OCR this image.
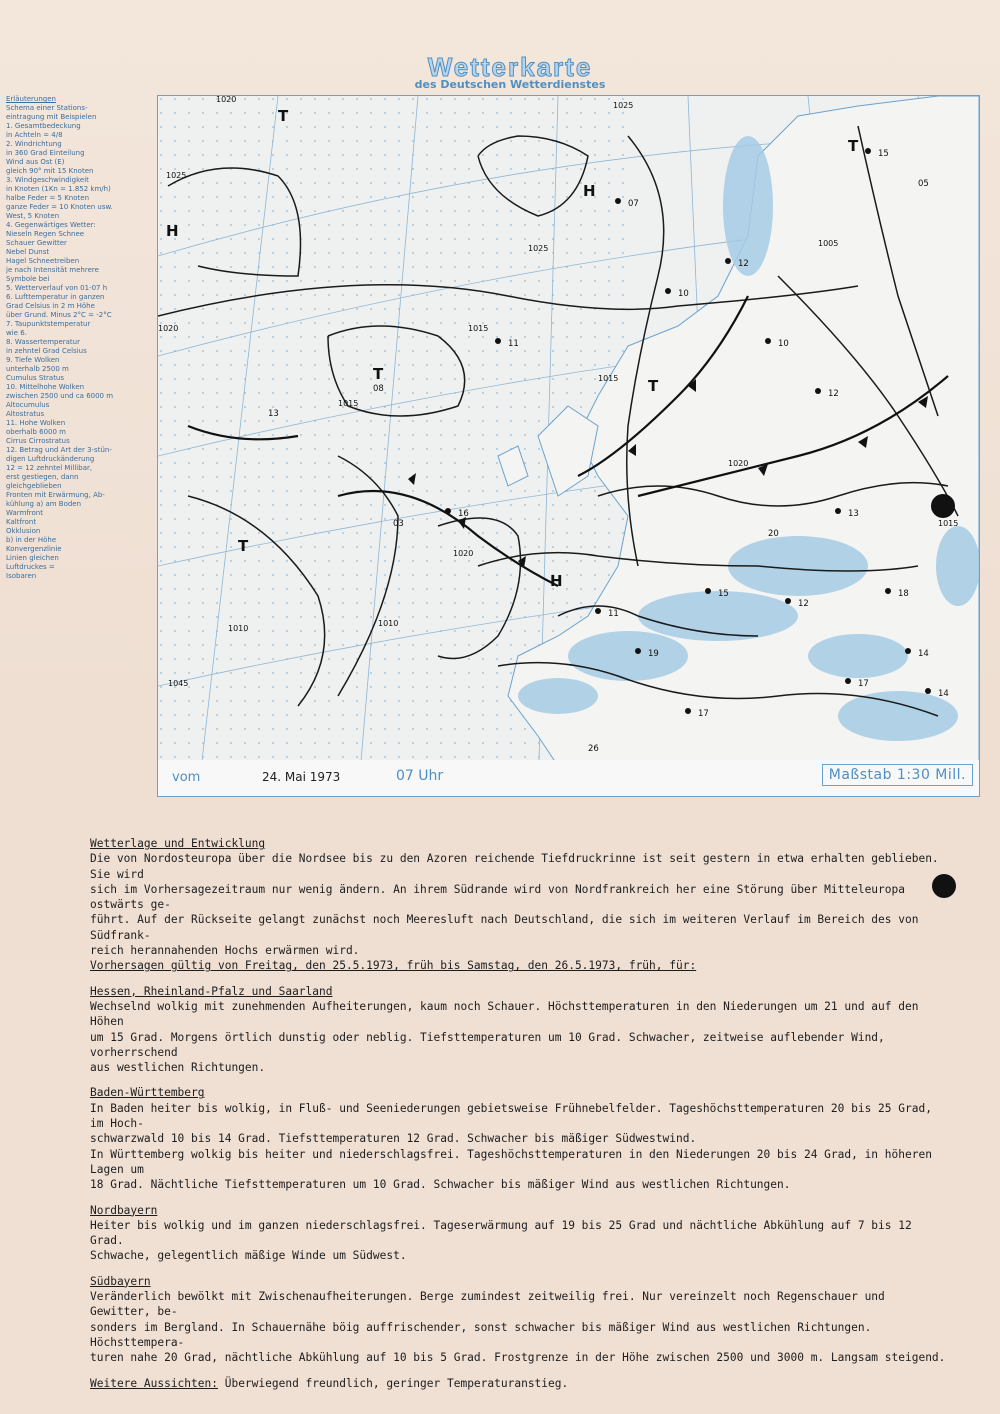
Wetterkarte
des Deutschen Wetterdienstes
Erläuterungen
Schema einer Stations-
eintragung mit Beispielen
1. Gesamtbedeckung
in Achteln = 4/8
2. Windrichtung
in 360 Grad Einteilung
Wind aus Ost (E)
gleich 90° mit 15 Knoten
3. Windgeschwindigkeit
in Knoten (1Kn = 1.852 km/h)
halbe Feder = 5 Knoten
ganze Feder = 10 Knoten usw.
West, 5 Knoten
4. Gegenwärtiges Wetter:
Nieseln Regen Schnee
Schauer Gewitter
Nebel Dunst
Hagel Schneetreiben
je nach Intensität mehrere
Symbole bei
5. Wetterverlauf von 01-07 h
6. Lufttemperatur in ganzen
Grad Celsius in 2 m Höhe
über Grund. Minus 2°C = -2°C
7. Taupunktstemperatur
wie 6.
8. Wassertemperatur
in zehntel Grad Celsius
9. Tiefe Wolken
unterhalb 2500 m
Cumulus Stratus
10. Mittelhohe Wolken
zwischen 2500 und ca 6000 m
Altocumulus
Altostratus
11. Hohe Wolken
oberhalb 6000 m
Cirrus Cirrostratus
12. Betrag und Art der 3-stün-
digen Luftdruckänderung
12 = 12 zehntel Millibar,
erst gestiegen, dann
gleichgeblieben
Fronten mit Erwärmung, Ab-
kühlung a) am Boden
Warmfront
Kaltfront
Okklusion
b) in der Höhe
Konvergenzlinie
Linien gleichen
Luftdruckes =
Isobaren
H
H
H
T
T
T
T
T
1020
1025
1015
1010
1020
1015
1025
1015
1020
1010
1005
1025
1020
1015
1045
15
12
13
17
11
16
19	14
10
12
07
08
05
03
20
26
15
18
13
11	10
12
17
14
vom	24. Mai 1973	07 Uhr	Maßstab 1:30 Mill.
Wetterlage und Entwicklung

Die von Nordosteuropa über die Nordsee bis zu den Azoren reichende Tiefdruckrinne ist seit gestern in etwa erhalten geblieben. Sie wird

sich im Vorhersagezeitraum nur wenig ändern. An ihrem Südrande wird von Nordfrankreich her eine Störung über Mitteleuropa ostwärts ge-

führt. Auf der Rückseite gelangt zunächst noch Meeresluft nach Deutschland, die sich im weiteren Verlauf im Bereich des von Südfrank-

reich herannahenden Hochs erwärmen wird.

Vorhersagen gültig von Freitag, den 25.5.1973, früh bis Samstag, den 26.5.1973, früh, für:
Hessen, Rheinland-Pfalz und Saarland

Wechselnd wolkig mit zunehmenden Aufheiterungen, kaum noch Schauer. Höchsttemperaturen in den Niederungen um 21 und auf den Höhen

um 15 Grad. Morgens örtlich dunstig oder neblig. Tiefsttemperaturen um 10 Grad. Schwacher, zeitweise auflebender Wind, vorherrschend

aus westlichen Richtungen.

Baden-Württemberg

In Baden heiter bis wolkig, in Fluß- und Seeniederungen gebietsweise Frühnebelfelder. Tageshöchsttemperaturen 20 bis 25 Grad, im Hoch-

schwarzwald 10 bis 14 Grad. Tiefsttemperaturen 12 Grad. Schwacher bis mäßiger Südwestwind.

In Württemberg wolkig bis heiter und niederschlagsfrei. Tageshöchsttemperaturen in den Niederungen 20 bis 24 Grad, in höheren Lagen um

18 Grad. Nächtliche Tiefsttemperaturen um 10 Grad. Schwacher bis mäßiger Wind aus westlichen Richtungen.

Nordbayern

Heiter bis wolkig und im ganzen niederschlagsfrei. Tageserwärmung auf 19 bis 25 Grad und nächtliche Abkühlung auf 7 bis 12 Grad.

Schwache, gelegentlich mäßige Winde um Südwest.

Südbayern

Veränderlich bewölkt mit Zwischenaufheiterungen. Berge zumindest zeitweilig frei. Nur vereinzelt noch Regenschauer und Gewitter, be-

sonders im Bergland. In Schauernähe böig auffrischender, sonst schwacher bis mäßiger Wind aus westlichen Richtungen. Höchsttempera-

turen nahe 20 Grad, nächtliche Abkühlung auf 10 bis 5 Grad. Frostgrenze in der Höhe zwischen 2500 und 3000 m. Langsam steigend.

Weitere Aussichten: Überwiegend freundlich, geringer Temperaturanstieg.
